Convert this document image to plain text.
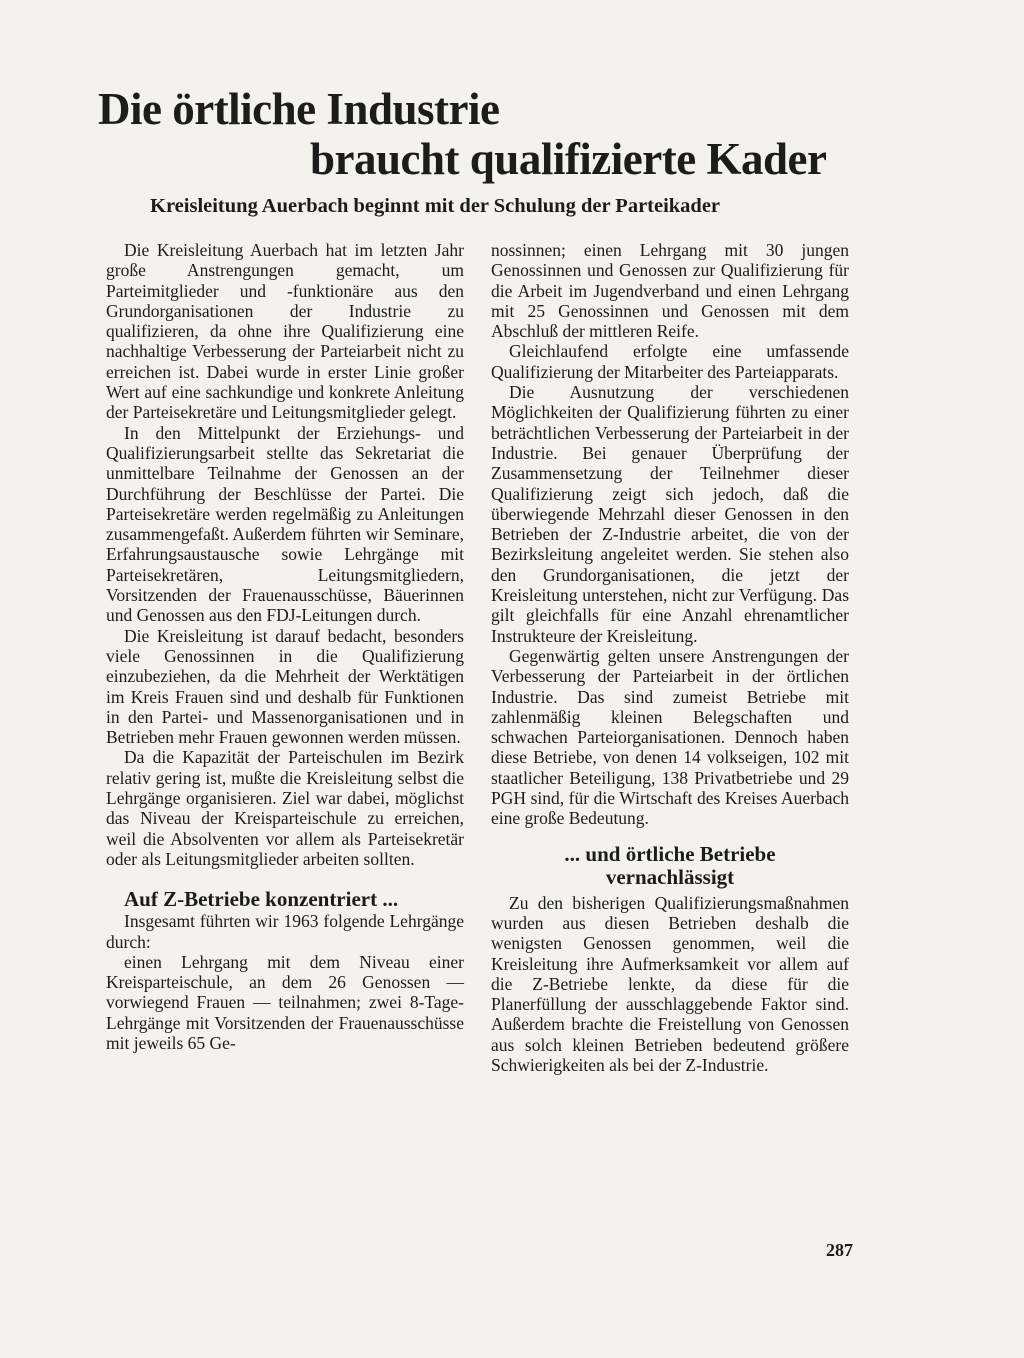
Die örtliche Industrie
braucht qualifizierte Kader

Kreisleitung Auerbach beginnt mit der Schulung der Parteikader

Die Kreisleitung Auerbach hat im letzten Jahr große Anstrengungen gemacht, um Parteimitglieder und -funktionäre aus den Grundorganisationen der Industrie zu qualifizieren, da ohne ihre Qualifizierung eine nachhaltige Verbesserung der Parteiarbeit nicht zu erreichen ist. Dabei wurde in erster Linie großer Wert auf eine sachkundige und konkrete Anleitung der Parteisekretäre und Leitungsmitglieder gelegt.

In den Mittelpunkt der Erziehungs- und Qualifizierungsarbeit stellte das Sekretariat die unmittelbare Teilnahme der Genossen an der Durchführung der Beschlüsse der Partei. Die Parteisekretäre werden regelmäßig zu Anleitungen zusammengefaßt. Außerdem führten wir Seminare, Erfahrungsaustausche sowie Lehrgänge mit Parteisekretären, Leitungsmitgliedern, Vorsitzenden der Frauenausschüsse, Bäuerinnen und Genossen aus den FDJ-Leitungen durch.

Die Kreisleitung ist darauf bedacht, besonders viele Genossinnen in die Qualifizierung einzubeziehen, da die Mehrheit der Werktätigen im Kreis Frauen sind und deshalb für Funktionen in den Partei- und Massenorganisationen und in Betrieben mehr Frauen gewonnen werden müssen.

Da die Kapazität der Parteischulen im Bezirk relativ gering ist, mußte die Kreisleitung selbst die Lehrgänge organisieren. Ziel war dabei, möglichst das Niveau der Kreisparteischule zu erreichen, weil die Absolventen vor allem als Parteisekretär oder als Leitungsmitglieder arbeiten sollten.

Auf Z-Betriebe konzentriert ...

Insgesamt führten wir 1963 folgende Lehrgänge durch:

einen Lehrgang mit dem Niveau einer Kreisparteischule, an dem 26 Genossen — vorwiegend Frauen — teilnahmen; zwei 8-Tage-Lehrgänge mit Vorsitzenden der Frauenausschüsse mit jeweils 65 Ge-

nossinnen; einen Lehrgang mit 30 jungen Genossinnen und Genossen zur Qualifizierung für die Arbeit im Jugendverband und einen Lehrgang mit 25 Genossinnen und Genossen mit dem Abschluß der mittleren Reife.

Gleichlaufend erfolgte eine umfassende Qualifizierung der Mitarbeiter des Parteiapparats.

Die Ausnutzung der verschiedenen Möglichkeiten der Qualifizierung führten zu einer beträchtlichen Verbesserung der Parteiarbeit in der Industrie. Bei genauer Überprüfung der Zusammensetzung der Teilnehmer dieser Qualifizierung zeigt sich jedoch, daß die überwiegende Mehrzahl dieser Genossen in den Betrieben der Z-Industrie arbeitet, die von der Bezirksleitung angeleitet werden. Sie stehen also den Grundorganisationen, die jetzt der Kreisleitung unterstehen, nicht zur Verfügung. Das gilt gleichfalls für eine Anzahl ehrenamtlicher Instrukteure der Kreisleitung.

Gegenwärtig gelten unsere Anstrengungen der Verbesserung der Parteiarbeit in der örtlichen Industrie. Das sind zumeist Betriebe mit zahlenmäßig kleinen Belegschaften und schwachen Parteiorganisationen. Dennoch haben diese Betriebe, von denen 14 volkseigen, 102 mit staatlicher Beteiligung, 138 Privatbetriebe und 29 PGH sind, für die Wirtschaft des Kreises Auerbach eine große Bedeutung.

... und örtliche Betriebe
vernachlässigt

Zu den bisherigen Qualifizierungsmaßnahmen wurden aus diesen Betrieben deshalb die wenigsten Genossen genommen, weil die Kreisleitung ihre Aufmerksamkeit vor allem auf die Z-Betriebe lenkte, da diese für die Planerfüllung der ausschlaggebende Faktor sind. Außerdem brachte die Freistellung von Genossen aus solch kleinen Betrieben bedeutend größere Schwierigkeiten als bei der Z-Industrie.

287
